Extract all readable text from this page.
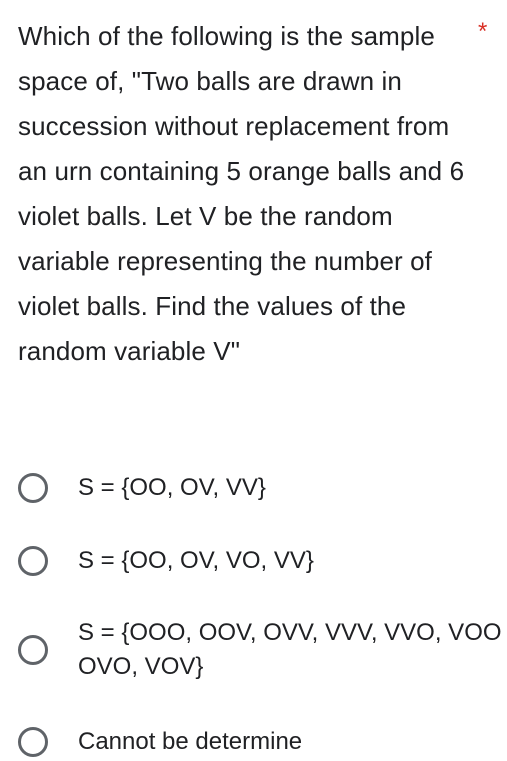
Which of the following is the sample space of, "Two balls are drawn in succession without replacement from an urn containing 5 orange balls and 6 violet balls. Let V be the random variable representing the number of violet balls. Find the values of the random variable V"
*
S = {OO, OV, VV}
S = {OO, OV, VO, VV}
S = {OOO, OOV, OVV, VVV, VVO, VOO OVO, VOV}
Cannot be determine
